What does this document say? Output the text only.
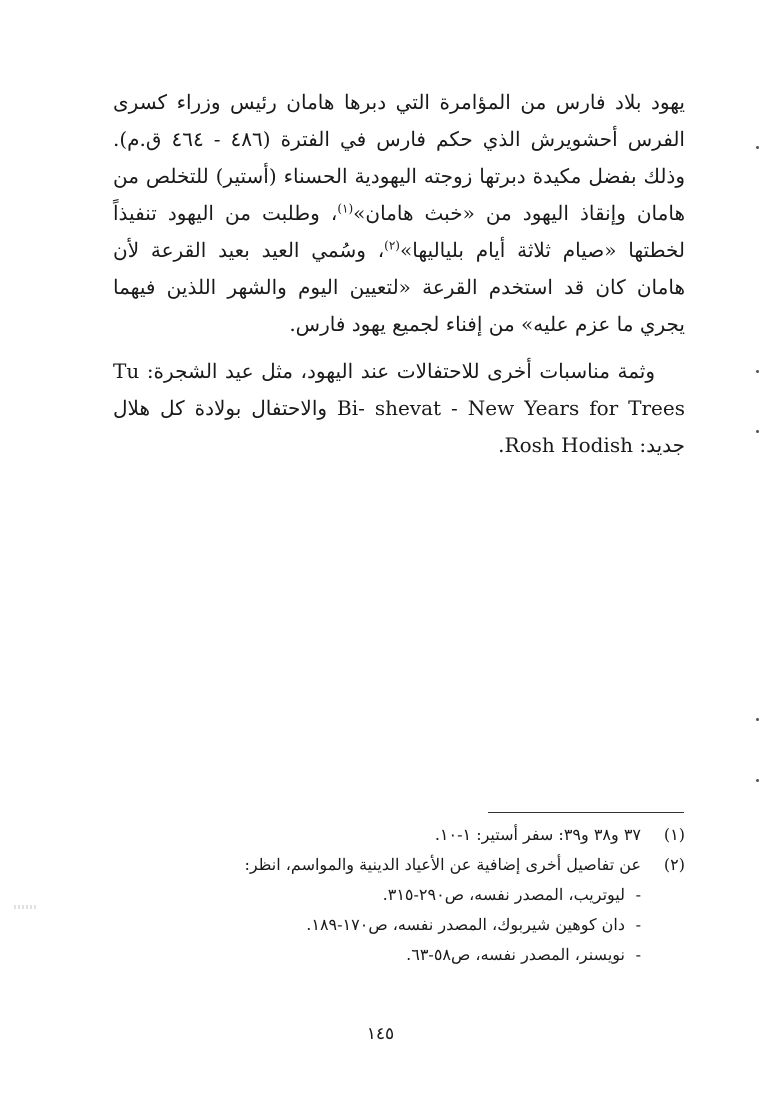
يهود بلاد فارس من المؤامرة التي دبرها هامان رئيس وزراء كسرى الفرس أحشويرش الذي حكم فارس في الفترة (٤٨٦ - ٤٦٤ ق.م). وذلك بفضل مكيدة دبرتها زوجته اليهودية الحسناء (أستير) للتخلص من هامان وإنقاذ اليهود من «خبث هامان»$^{(١)}$، وطلبت من اليهود تنفيذاً لخطتها «صيام ثلاثة أيام بلياليها»$^{(٢)}$، وسُمي العيد بعيد القرعة لأن هامان كان قد استخدم القرعة «لتعيين اليوم والشهر اللذين فيهما يجري ما عزم عليه» من إفناء لجميع يهود فارس.

وثمة مناسبات أخرى للاحتفالات عند اليهود، مثل عيد الشجرة: Tu Bi- shevat - New Years for Trees والاحتفال بولادة كل هلال جديد: Rosh Hodish.

(١)
٣٧ و٣٨ و٣٩: سفر أستير: ١-١٠.
(٢)
عن تفاصيل أخرى إضافية عن الأعياد الدينية والمواسم، انظر:
-ليوتريب، المصدر نفسه، ص٢٩٠-٣١٥.
-دان كوهين شيربوك، المصدر نفسه، ص١٧٠-١٨٩.
-نويسنر، المصدر نفسه، ص٥٨-٦٣.
١٤٥
